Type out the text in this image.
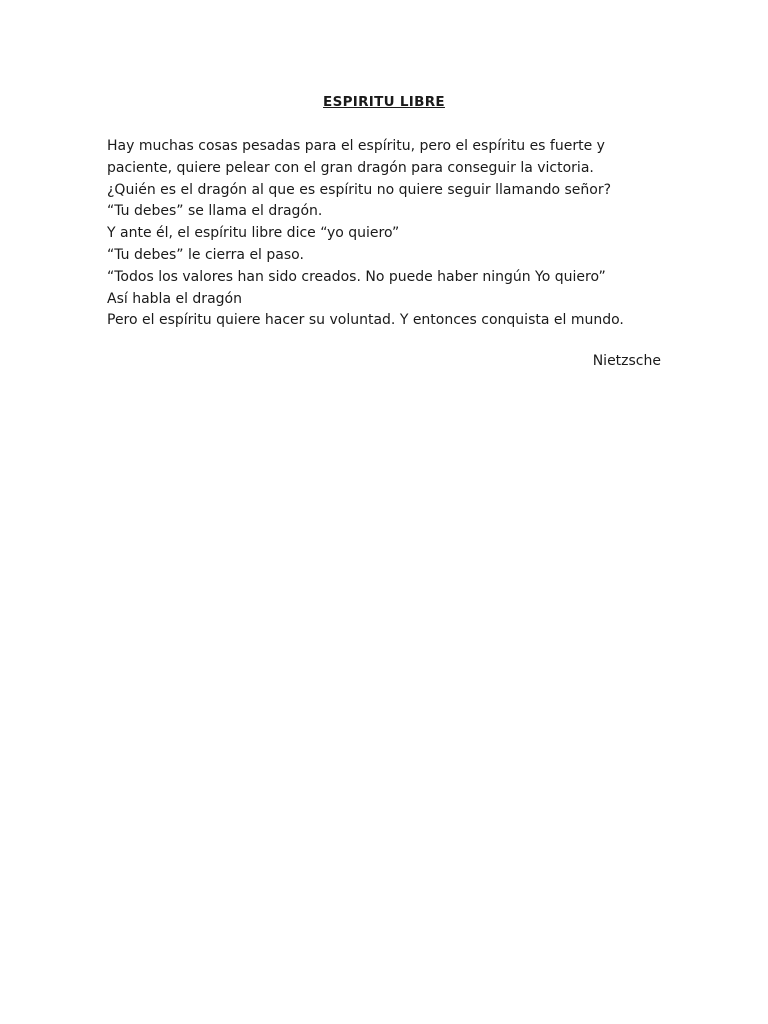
ESPIRITU LIBRE
Hay muchas cosas pesadas para el espíritu, pero el espíritu es fuerte y
paciente, quiere pelear con el gran dragón para conseguir la victoria.
¿Quién es el dragón al que es espíritu no quiere seguir llamando señor?
“Tu debes” se llama el dragón.
Y ante él, el espíritu libre dice “yo quiero”
“Tu debes” le cierra el paso.
“Todos los valores han sido creados. No puede haber ningún Yo quiero”
Así habla el dragón
Pero el espíritu quiere hacer su voluntad. Y entonces conquista el mundo.
Nietzsche
